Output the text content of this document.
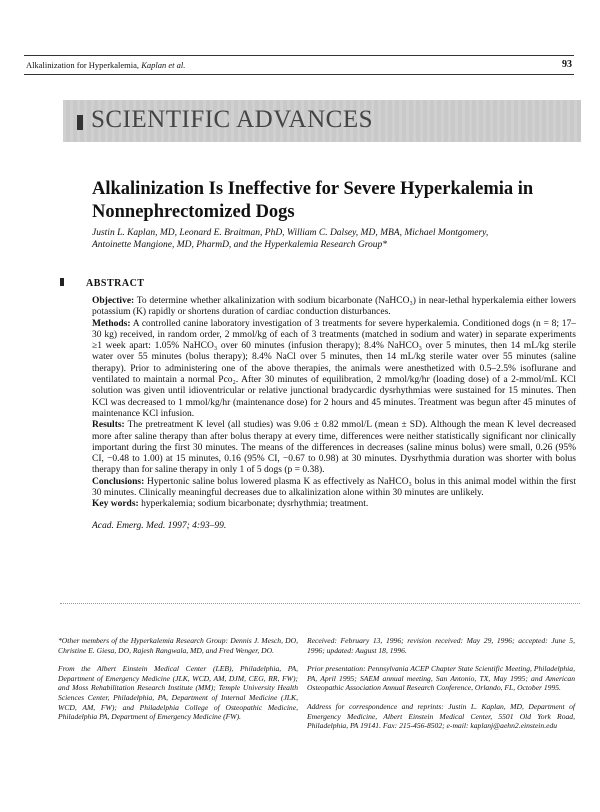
Alkalinization for Hyperkalemia, Kaplan et al.	93
SCIENTIFIC ADVANCES
Alkalinization Is Ineffective for Severe Hyperkalemia in Nonnephrectomized Dogs
Justin L. Kaplan, MD, Leonard E. Braitman, PhD, William C. Dalsey, MD, MBA, Michael Montgomery, Antoinette Mangione, MD, PharmD, and the Hyperkalemia Research Group*
ABSTRACT

Objective: To determine whether alkalinization with sodium bicarbonate (NaHCO₃) in near-lethal hyperkalemia either lowers potassium (K) rapidly or shortens duration of cardiac conduction disturbances.

Methods: A controlled canine laboratory investigation of 3 treatments for severe hyperkalemia. Conditioned dogs (n = 8; 17–30 kg) received, in random order, 2 mmol/kg of each of 3 treatments (matched in sodium and water) in separate experiments ≥1 week apart: 1.05% NaHCO₃ over 60 minutes (infusion therapy); 8.4% NaHCO₃ over 5 minutes, then 14 mL/kg sterile water over 55 minutes (bolus therapy); 8.4% NaCl over 5 minutes, then 14 mL/kg sterile water over 55 minutes (saline therapy). Prior to administering one of the above therapies, the animals were anesthetized with 0.5–2.5% isoflurane and ventilated to maintain a normal Pco₂. After 30 minutes of equilibration, 2 mmol/kg/hr (loading dose) of a 2-mmol/mL KCl solution was given until idioventricular or relative junctional bradycardic dysrhythmias were sustained for 15 minutes. Then KCl was decreased to 1 mmol/kg/hr (maintenance dose) for 2 hours and 45 minutes. Treatment was begun after 45 minutes of maintenance KCl infusion.

Results: The pretreatment K level (all studies) was 9.06 ± 0.82 mmol/L (mean ± SD). Although the mean K level decreased more after saline therapy than after bolus therapy at every time, differences were neither statistically significant nor clinically important during the first 30 minutes. The means of the differences in decreases (saline minus bolus) were small, 0.26 (95% CI, −0.48 to 1.00) at 15 minutes, 0.16 (95% CI, −0.67 to 0.98) at 30 minutes. Dysrhythmia duration was shorter with bolus therapy than for saline therapy in only 1 of 5 dogs (p = 0.38).

Conclusions: Hypertonic saline bolus lowered plasma K as effectively as NaHCO₃ bolus in this animal model within the first 30 minutes. Clinically meaningful decreases due to alkalinization alone within 30 minutes are unlikely.

Key words: hyperkalemia; sodium bicarbonate; dysrhythmia; treatment.

Acad. Emerg. Med. 1997; 4:93–99.

*Other members of the Hyperkalemia Research Group: Dennis J. Mesch, DO, Christine E. Giesa, DO, Rajesh Rangwala, MD, and Fred Wenger, DO.

From the Albert Einstein Medical Center (LEB), Philadelphia, PA, Department of Emergency Medicine (JLK, WCD, AM, DJM, CEG, RR, FW); and Moss Rehabilitation Research Institute (MM); Temple University Health Sciences Center, Philadelphia, PA, Department of Internal Medicine (JLK, WCD, AM, FW); and Philadelphia College of Osteopathic Medicine, Philadelphia PA, Department of Emergency Medicine (FW).

Received: February 13, 1996; revision received: May 29, 1996; accepted: June 5, 1996; updated: August 18, 1996.

Prior presentation: Pennsylvania ACEP Chapter State Scientific Meeting, Philadelphia, PA, April 1995; SAEM annual meeting, San Antonio, TX, May 1995; and American Osteopathic Association Annual Research Conference, Orlando, FL, October 1995.

Address for correspondence and reprints: Justin L. Kaplan, MD, Department of Emergency Medicine, Albert Einstein Medical Center, 5501 Old York Road, Philadelphia, PA 19141. Fax: 215-456-8502; e-mail: kaplanj@aehn2.einstein.edu
